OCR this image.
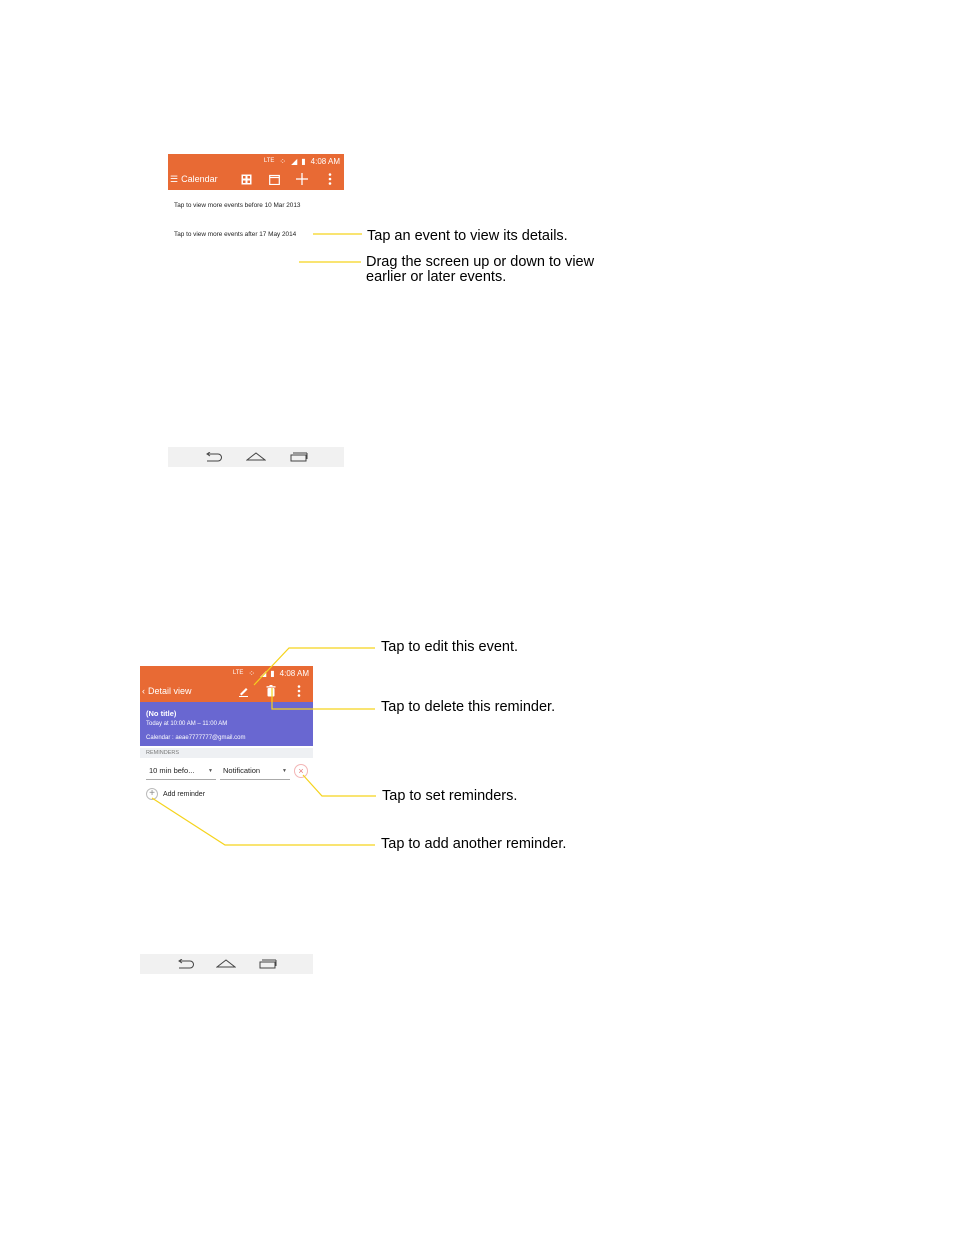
LTE ⁘ ◢ ▮ 4:08 AM
☰ Calendar
Tap to view more events before 10 Mar 2013
Tap to view more events after 17 May 2014
LTE ⁘ ◢ ▮ 4:08 AM
‹ Detail view
(No title)
Today at 10:00 AM – 11:00 AM
Calendar : aeae7777777@gmail.com
REMINDERS
10 min befo...	▼ Notification	▼ ×
+	Add reminder
Tap an event to view its details.
Drag the screen up or down to view
earlier or later events.
Tap to edit this event.
Tap to delete this reminder.
Tap to set reminders.
Tap to add another reminder.
